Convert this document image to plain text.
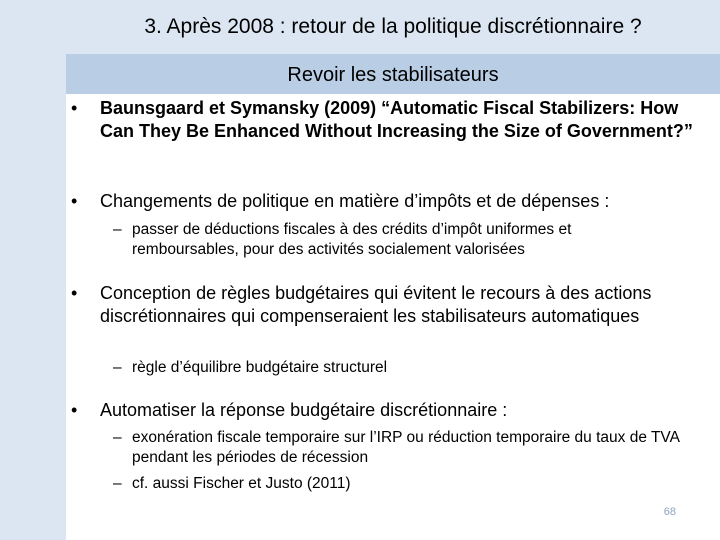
3. Après 2008 : retour de la politique discrétionnaire ?
Revoir les stabilisateurs
• Baunsgaard et Symansky (2009) “Automatic Fiscal Stabilizers: How Can They Be Enhanced Without Increasing the Size of Government?”
• Changements de politique en matière d’impôts et de dépenses :
– passer de déductions fiscales à des crédits d’impôt uniformes et remboursables, pour des activités socialement valorisées
• Conception de règles budgétaires qui évitent le recours à des actions discrétionnaires qui compenseraient les stabilisateurs automatiques
– règle d’équilibre budgétaire structurel
• Automatiser la réponse budgétaire discrétionnaire :
– exonération fiscale temporaire sur l’IRP ou réduction temporaire du taux de TVA pendant les périodes de récession
– cf. aussi Fischer et Justo (2011)
68
